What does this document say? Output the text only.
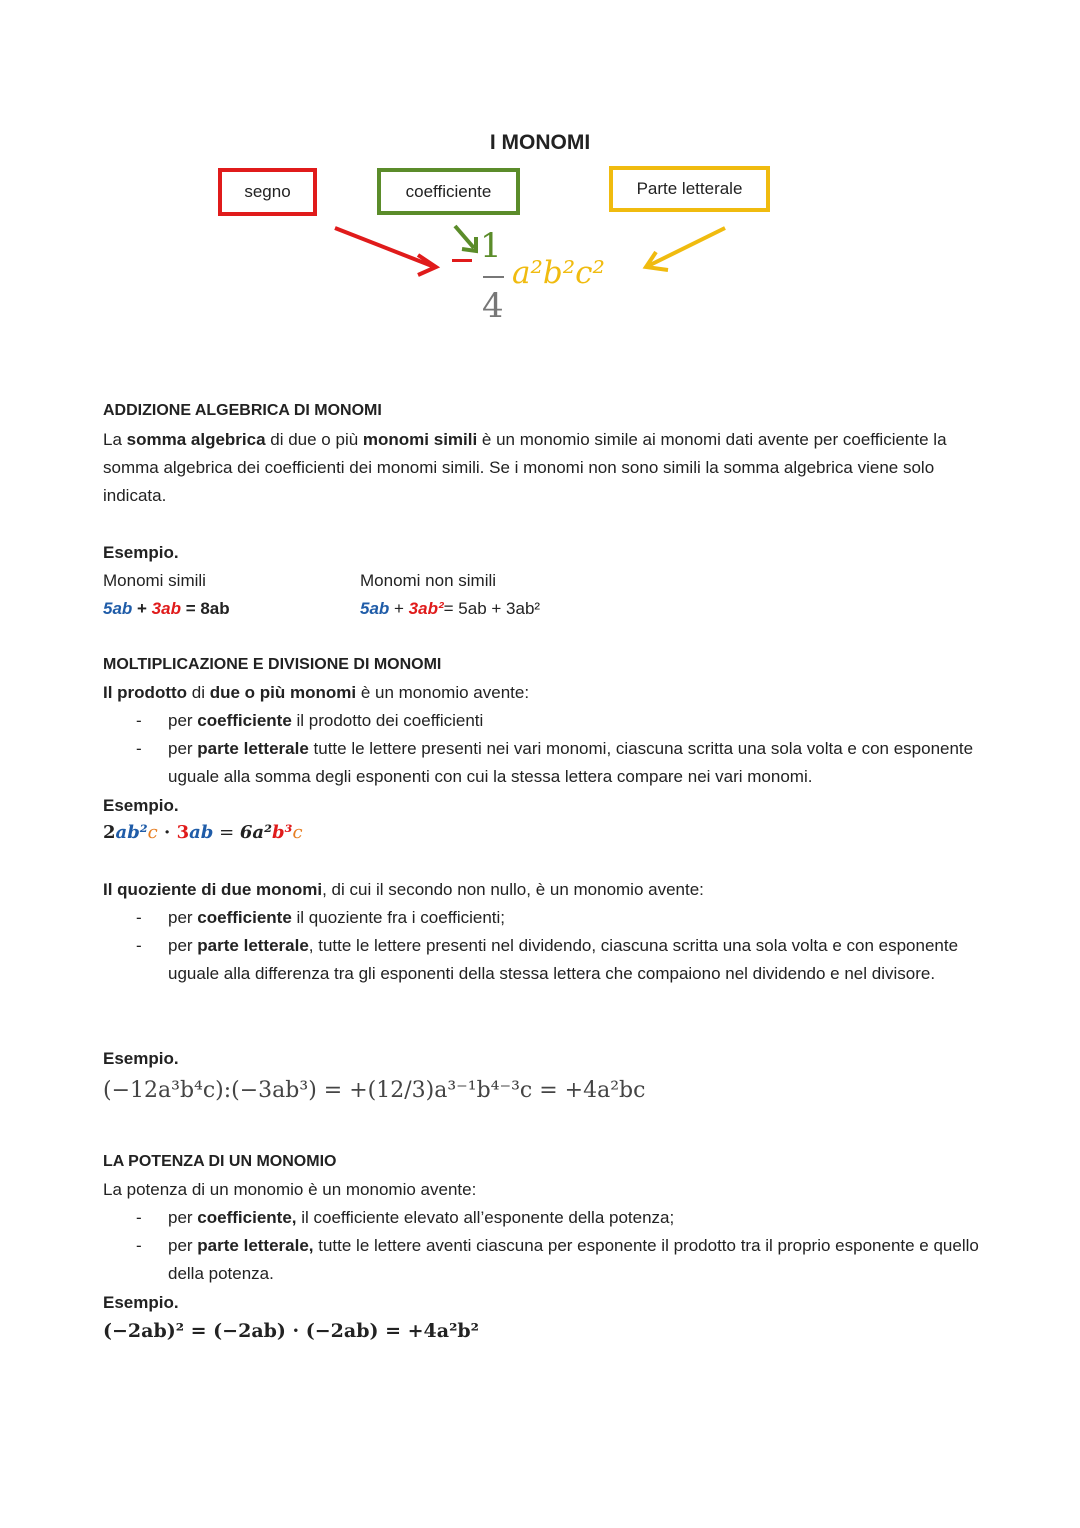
I MONOMI
segno	coefficiente	Parte letterale
1
4
a²b²c²
ADDIZIONE ALGEBRICA DI MONOMI
La somma algebrica di due o più monomi simili è un monomio simile ai monomi dati avente per coefficiente la somma algebrica dei coefficienti dei monomi simili. Se i monomi non sono simili la somma algebrica viene solo indicata.
Esempio.
Monomi simili	Monomi non simili
5ab + 3ab = 8ab	5ab + 3ab²= 5ab + 3ab²
MOLTIPLICAZIONE E DIVISIONE DI MONOMI
Il prodotto di due o più monomi è un monomio avente:
- per coefficiente il prodotto dei coefficienti
- per parte letterale tutte le lettere presenti nei vari monomi, ciascuna scritta una sola volta e con esponente uguale alla somma degli esponenti con cui la stessa lettera compare nei vari monomi.
Esempio.
2ab²c · 3ab = 6a²b³c
Il quoziente di due monomi, di cui il secondo non nullo, è un monomio avente:
- per coefficiente il quoziente fra i coefficienti;
- per parte letterale, tutte le lettere presenti nel dividendo, ciascuna scritta una sola volta e con esponente uguale alla differenza tra gli esponenti della stessa lettera che compaiono nel dividendo e nel divisore.
Esempio.
(−12a³b⁴c):(−3ab³) = +(12/3)a³⁻¹b⁴⁻³c = +4a²bc
LA POTENZA DI UN MONOMIO
La potenza di un monomio è un monomio avente:
- per coefficiente, il coefficiente elevato all’esponente della potenza;
- per parte letterale, tutte le lettere aventi ciascuna per esponente il prodotto tra il proprio esponente e quello della potenza.
Esempio.
(−2ab)² = (−2ab) · (−2ab) = +4a²b²
